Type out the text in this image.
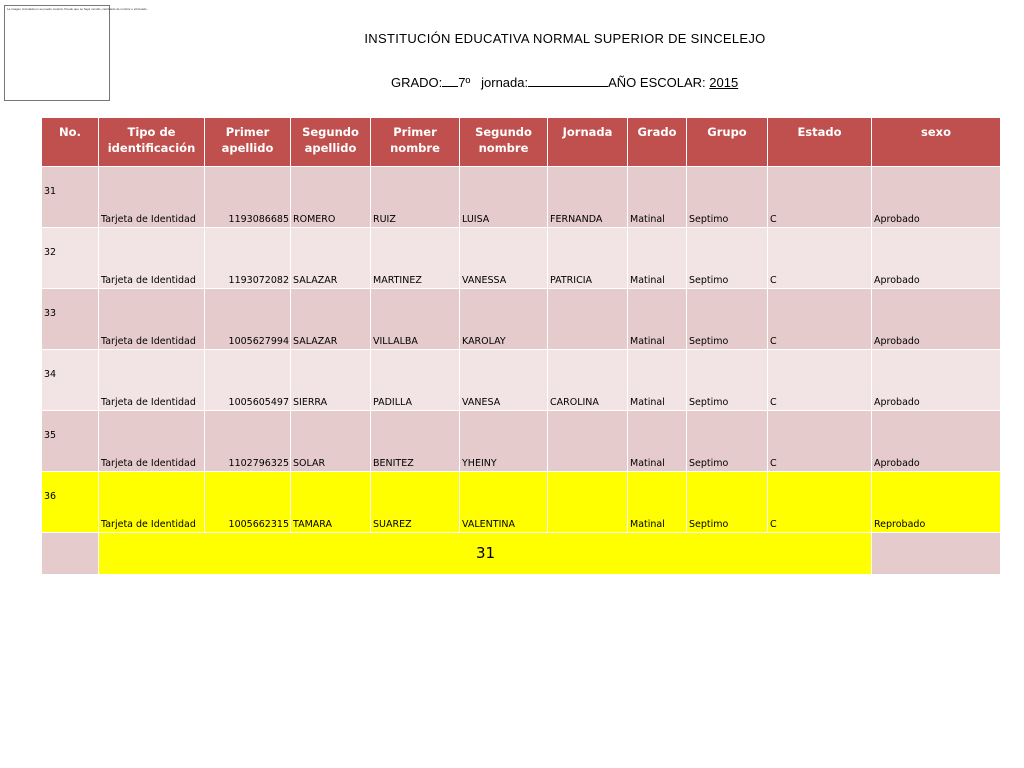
La imagen vinculada no se puede mostrar. Puede que se haya movido, cambiado de nombre o eliminado.
INSTITUCIÓN EDUCATIVA NORMAL SUPERIOR DE SINCELEJO
GRADO: 7º jornada:	AÑO ESCOLAR: 2015
No.	Tipo de identificación	Primer apellido	Segundo apellido	Primer nombre	Segundo nombre	Jornada	Grado	Grupo	Estado	sexo
31	Tarjeta de Identidad	1193086685	ROMERO	RUIZ	LUISA	FERNANDA	Matinal	Septimo	C	Aprobado
32	Tarjeta de Identidad	1193072082	SALAZAR	MARTINEZ	VANESSA	PATRICIA	Matinal	Septimo	C	Aprobado
33	Tarjeta de Identidad	1005627994	SALAZAR	VILLALBA	KAROLAY		Matinal	Septimo	C	Aprobado
34	Tarjeta de Identidad	1005605497	SIERRA	PADILLA	VANESA	CAROLINA	Matinal	Septimo	C	Aprobado
35	Tarjeta de Identidad	1102796325	SOLAR	BENITEZ	YHEINY		Matinal	Septimo	C	Aprobado
36	Tarjeta de Identidad	1005662315	TAMARA	SUAREZ	VALENTINA		Matinal	Septimo	C	Reprobado
	31									
